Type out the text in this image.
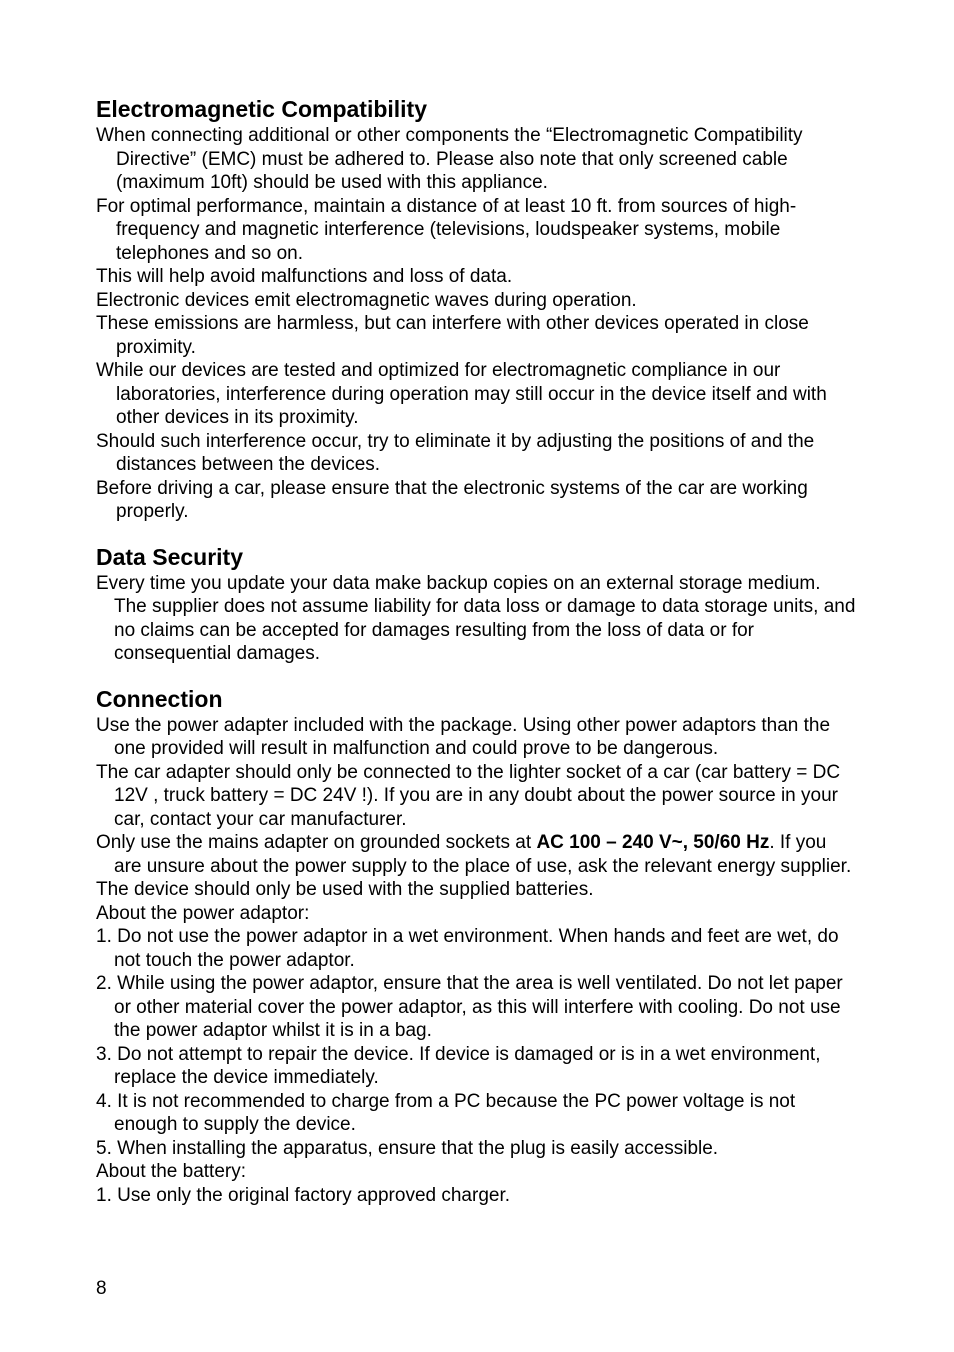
Electromagnetic Compatibility

When connecting additional or other components the “Electromagnetic Compatibility Directive” (EMC) must be adhered to. Please also note that only screened cable (maximum 10ft) should be used with this appliance.

For optimal performance, maintain a distance of at least 10 ft. from sources of high-frequency and magnetic interference (televisions, loudspeaker systems, mobile telephones and so on.

This will help avoid malfunctions and loss of data.

Electronic devices emit electromagnetic waves during operation.

These emissions are harmless, but can interfere with other devices operated in close proximity.

While our devices are tested and optimized for electromagnetic compliance in our laboratories, interference during operation may still occur in the device itself and with other devices in its proximity.

Should such interference occur, try to eliminate it by adjusting the positions of and the distances between the devices.

Before driving a car, please ensure that the electronic systems of the car are working properly.

Data Security

Every time you update your data make backup copies on an external storage medium. The supplier does not assume liability for data loss or damage to data storage units, and no claims can be accepted for damages resulting from the loss of data or for consequential damages.

Connection

Use the power adapter included with the package. Using other power adaptors than the one provided will result in malfunction and could prove to be dangerous.

The car adapter should only be connected to the lighter socket of a car (car battery = DC 12V , truck battery = DC 24V !). If you are in any doubt about the power source in your car, contact your car manufacturer.

Only use the mains adapter on grounded sockets at AC 100 – 240 V~, 50/60 Hz. If you are unsure about the power supply to the place of use, ask the relevant energy supplier.

The device should only be used with the supplied batteries.

About the power adaptor:

1. Do not use the power adaptor in a wet environment. When hands and feet are wet, do not touch the power adaptor.

2. While using the power adaptor, ensure that the area is well ventilated. Do not let paper or other material cover the power adaptor, as this will interfere with cooling. Do not use the power adaptor whilst it is in a bag.

3. Do not attempt to repair the device. If device is damaged or is in a wet environment, replace the device immediately.

4. It is not recommended to charge from a PC because the PC power voltage is not enough to supply the device.

5. When installing the apparatus, ensure that the plug is easily accessible.

About the battery:

1. Use only the original factory approved charger.

8
